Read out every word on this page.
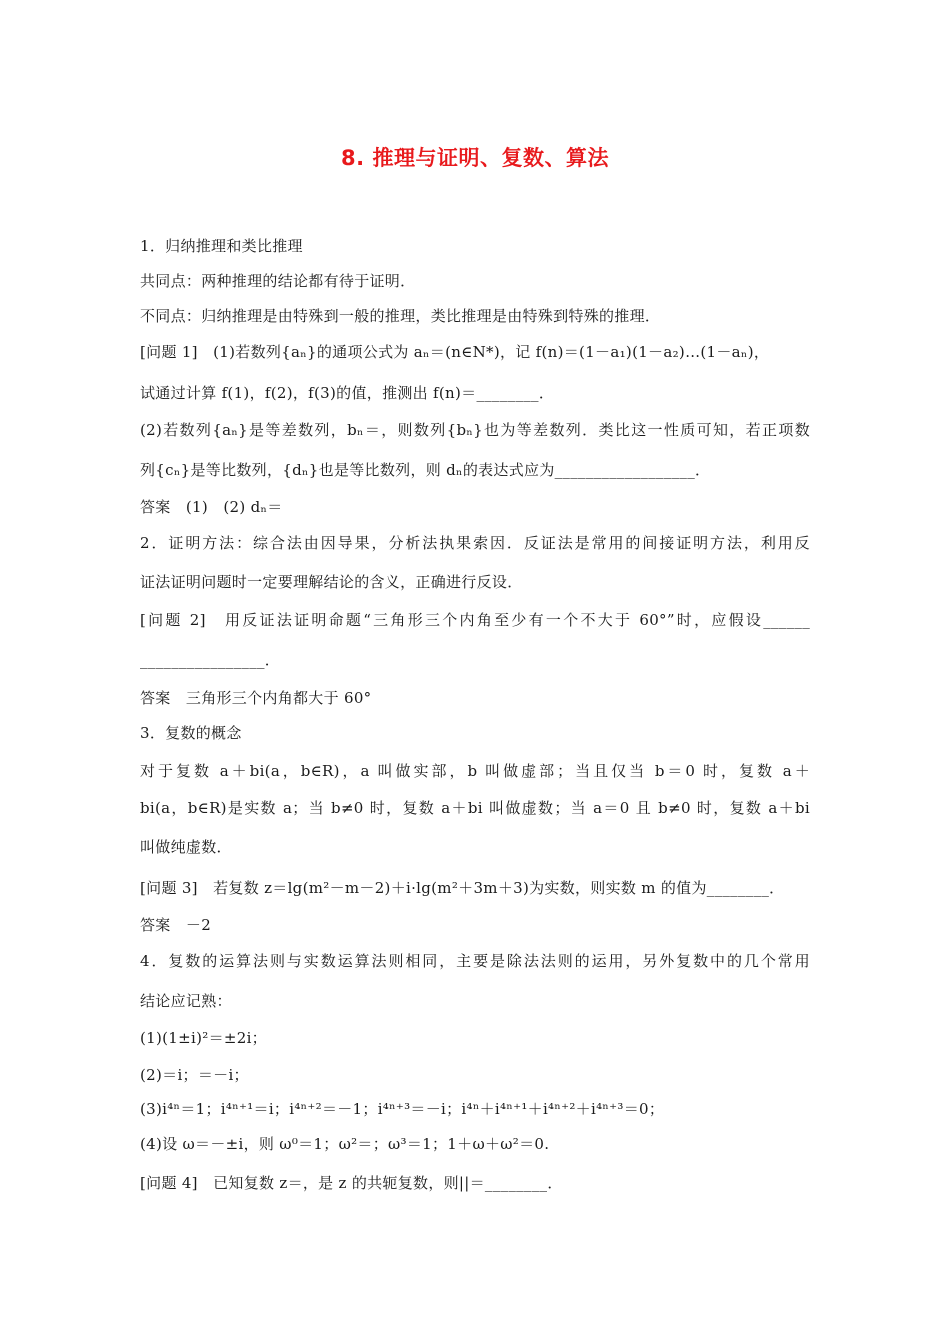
8. 推理与证明、复数、算法
1．归纳推理和类比推理
共同点：两种推理的结论都有待于证明．
不同点：归纳推理是由特殊到一般的推理，类比推理是由特殊到特殊的推理．
[问题 1]　(1)若数列{aₙ}的通项公式为 aₙ＝(n∈N*)，记 f(n)＝(1－a₁)(1－a₂)…(1－aₙ)，
试通过计算 f(1)，f(2)，f(3)的值，推测出 f(n)＝________．
(2)若数列{aₙ}是等差数列，bₙ＝，则数列{bₙ}也为等差数列．类比这一性质可知，若正项数
列{cₙ}是等比数列，{dₙ}也是等比数列，则 dₙ的表达式应为__________________．
答案　(1)　(2) dₙ＝
2．证明方法：综合法由因导果，分析法执果索因．反证法是常用的间接证明方法，利用反
证法证明问题时一定要理解结论的含义，正确进行反设．
[问题 2]　用反证法证明命题“三角形三个内角至少有一个不大于 60°”时，应假设______
________________．
答案　三角形三个内角都大于 60°
3．复数的概念
对于复数 a＋bi(a，b∈R)，a 叫做实部，b 叫做虚部；当且仅当 b＝0 时，复数 a＋
bi(a，b∈R)是实数 a；当 b≠0 时，复数 a＋bi 叫做虚数；当 a＝0 且 b≠0 时，复数 a＋bi
叫做纯虚数．
[问题 3]　若复数 z＝lg(m²－m－2)＋i·lg(m²＋3m＋3)为实数，则实数 m 的值为________．
答案　－2
4．复数的运算法则与实数运算法则相同，主要是除法法则的运用，另外复数中的几个常用
结论应记熟：
(1)(1±i)²＝±2i；
(2)＝i；＝－i；
(3)i⁴ⁿ＝1；i⁴ⁿ⁺¹＝i；i⁴ⁿ⁺²＝－1；i⁴ⁿ⁺³＝－i；i⁴ⁿ＋i⁴ⁿ⁺¹＋i⁴ⁿ⁺²＋i⁴ⁿ⁺³＝0；
(4)设 ω＝－±i，则 ω⁰＝1；ω²＝；ω³＝1；1＋ω＋ω²＝0.
[问题 4]　已知复数 z＝，是 z 的共轭复数，则||＝________．
